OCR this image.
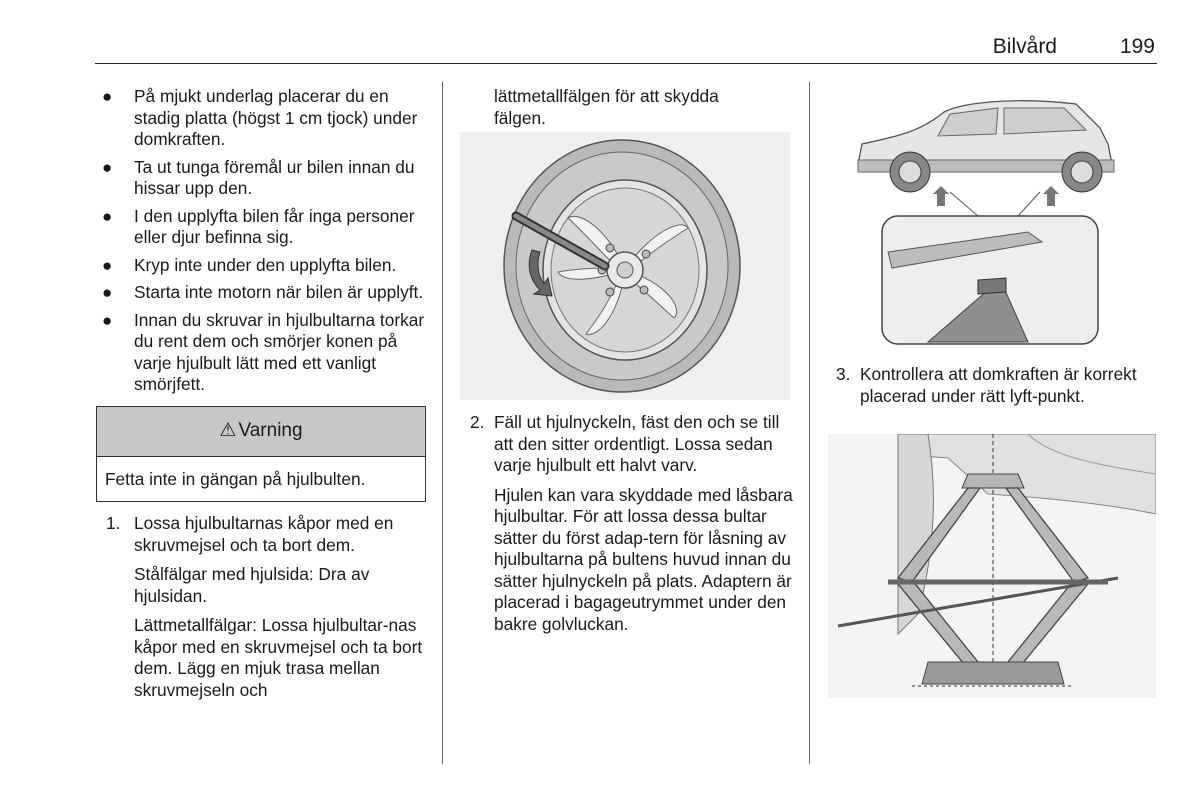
Bilvård	199
● På mjukt underlag placerar du en stadig platta (högst 1 cm tjock) under domkraften.
● Ta ut tunga föremål ur bilen innan du hissar upp den.
● I den upplyfta bilen får inga personer eller djur befinna sig.
● Kryp inte under den upplyfta bilen.
● Starta inte motorn när bilen är upplyft.
● Innan du skruvar in hjulbultarna torkar du rent dem och smörjer konen på varje hjulbult lätt med ett vanligt smörjfett.
⚠ Varning
Fetta inte in gängan på hjulbulten.
1. Lossa hjulbultarnas kåpor med en skruvmejsel och ta bort dem.

Stålfälgar med hjulsida: Dra av hjulsidan.

Lättmetallfälgar: Lossa hjulbultar-nas kåpor med en skruvmejsel och ta bort dem. Lägg en mjuk trasa mellan skruvmejseln och

lättmetallfälgen för att skydda fälgen.

2. Fäll ut hjulnyckeln, fäst den och se till att den sitter ordentligt. Lossa sedan varje hjulbult ett halvt varv.

Hjulen kan vara skyddade med låsbara hjulbultar. För att lossa dessa bultar sätter du först adap-tern för låsning av hjulbultarna på bultens huvud innan du sätter hjulnyckeln på plats. Adaptern är placerad i bagageutrymmet under den bakre golvluckan.

3. Kontrollera att domkraften är korrekt placerad under rätt lyft-punkt.
